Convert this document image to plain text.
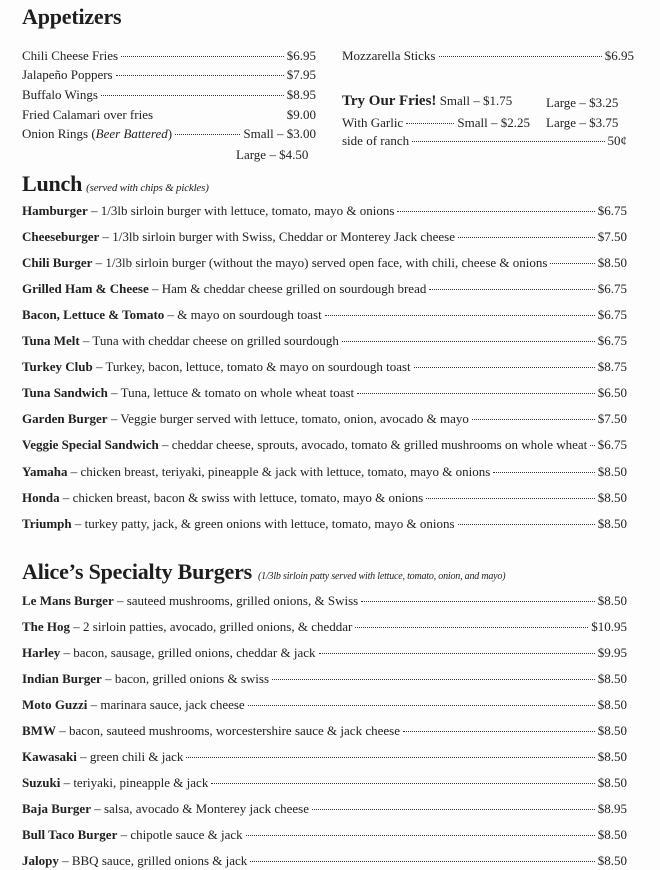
Appetizers
Chili Cheese Fries	$6.95
Jalapeño Poppers	$7.95
Buffalo Wings	$8.95
Fried Calamari over fries	$9.00
Onion Rings (Beer Battered)	Small – $3.00
Large – $4.50
Mozzarella Sticks	$6.95
Try Our Fries! Small – $1.75	Large – $3.25
With Garlic	Small – $2.25 Large – $3.75
side of ranch	50¢
Lunch (served with chips & pickles)
Hamburger – 1/3lb sirloin burger with lettuce, tomato, mayo & onions	$6.75
Cheeseburger – 1/3lb sirloin burger with Swiss, Cheddar or Monterey Jack cheese	$7.50
Chili Burger – 1/3lb sirloin burger (without the mayo) served open face, with chili, cheese & onions	$8.50
Grilled Ham & Cheese – Ham & cheddar cheese grilled on sourdough bread	$6.75
Bacon, Lettuce & Tomato – & mayo on sourdough toast	$6.75
Tuna Melt – Tuna with cheddar cheese on grilled sourdough	$6.75
Turkey Club – Turkey, bacon, lettuce, tomato & mayo on sourdough toast	$8.75
Tuna Sandwich – Tuna, lettuce & tomato on whole wheat toast	$6.50
Garden Burger – Veggie burger served with lettuce, tomato, onion, avocado & mayo	$7.50
Veggie Special Sandwich – cheddar cheese, sprouts, avocado, tomato & grilled mushrooms on whole wheat $6.75
Yamaha – chicken breast, teriyaki, pineapple & jack with lettuce, tomato, mayo & onions	$8.50
Honda – chicken breast, bacon & swiss with lettuce, tomato, mayo & onions	$8.50
Triumph – turkey patty, jack, & green onions with lettuce, tomato, mayo & onions	$8.50
Alice’s Specialty Burgers (1/3lb sirloin patty served with lettuce, tomato, onion, and mayo)
Le Mans Burger – sauteed mushrooms, grilled onions, & Swiss	$8.50
The Hog – 2 sirloin patties, avocado, grilled onions, & cheddar	$10.95
Harley – bacon, sausage, grilled onions, cheddar & jack	$9.95
Indian Burger – bacon, grilled onions & swiss	$8.50
Moto Guzzi – marinara sauce, jack cheese	$8.50
BMW – bacon, sauteed mushrooms, worcestershire sauce & jack cheese	$8.50
Kawasaki – green chili & jack	$8.50
Suzuki – teriyaki, pineapple & jack	$8.50
Baja Burger – salsa, avocado & Monterey jack cheese	$8.95
Bull Taco Burger – chipotle sauce & jack	$8.50
Jalopy – BBQ sauce, grilled onions & jack	$8.50
